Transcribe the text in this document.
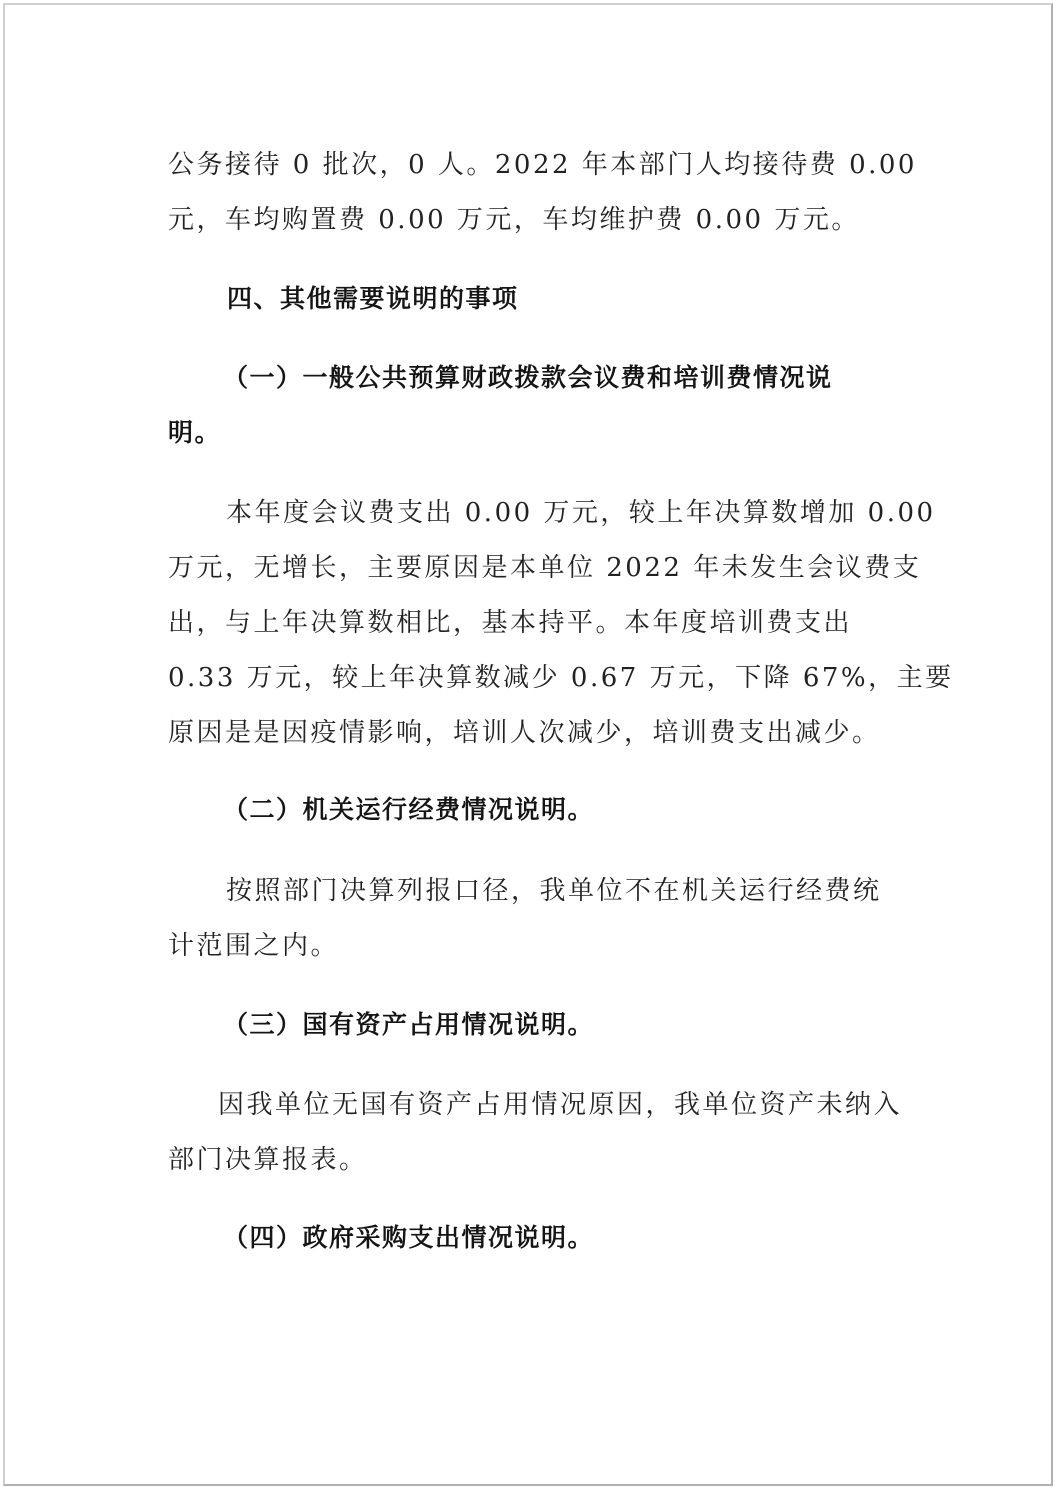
公务接待 0 批次，0 人。2022 年本部门人均接待费 0.00
元，车均购置费 0.00 万元，车均维护费 0.00 万元。
四、其他需要说明的事项
（一）一般公共预算财政拨款会议费和培训费情况说
明。
本年度会议费支出 0.00 万元，较上年决算数增加 0.00
万元，无增长，主要原因是本单位 2022 年未发生会议费支
出，与上年决算数相比，基本持平。本年度培训费支出
0.33 万元，较上年决算数减少 0.67 万元，下降 67%，主要
原因是是因疫情影响，培训人次减少，培训费支出减少。
（二）机关运行经费情况说明。
按照部门决算列报口径，我单位不在机关运行经费统
计范围之内。
（三）国有资产占用情况说明。
因我单位无国有资产占用情况原因，我单位资产未纳入
部门决算报表。
（四）政府采购支出情况说明。
